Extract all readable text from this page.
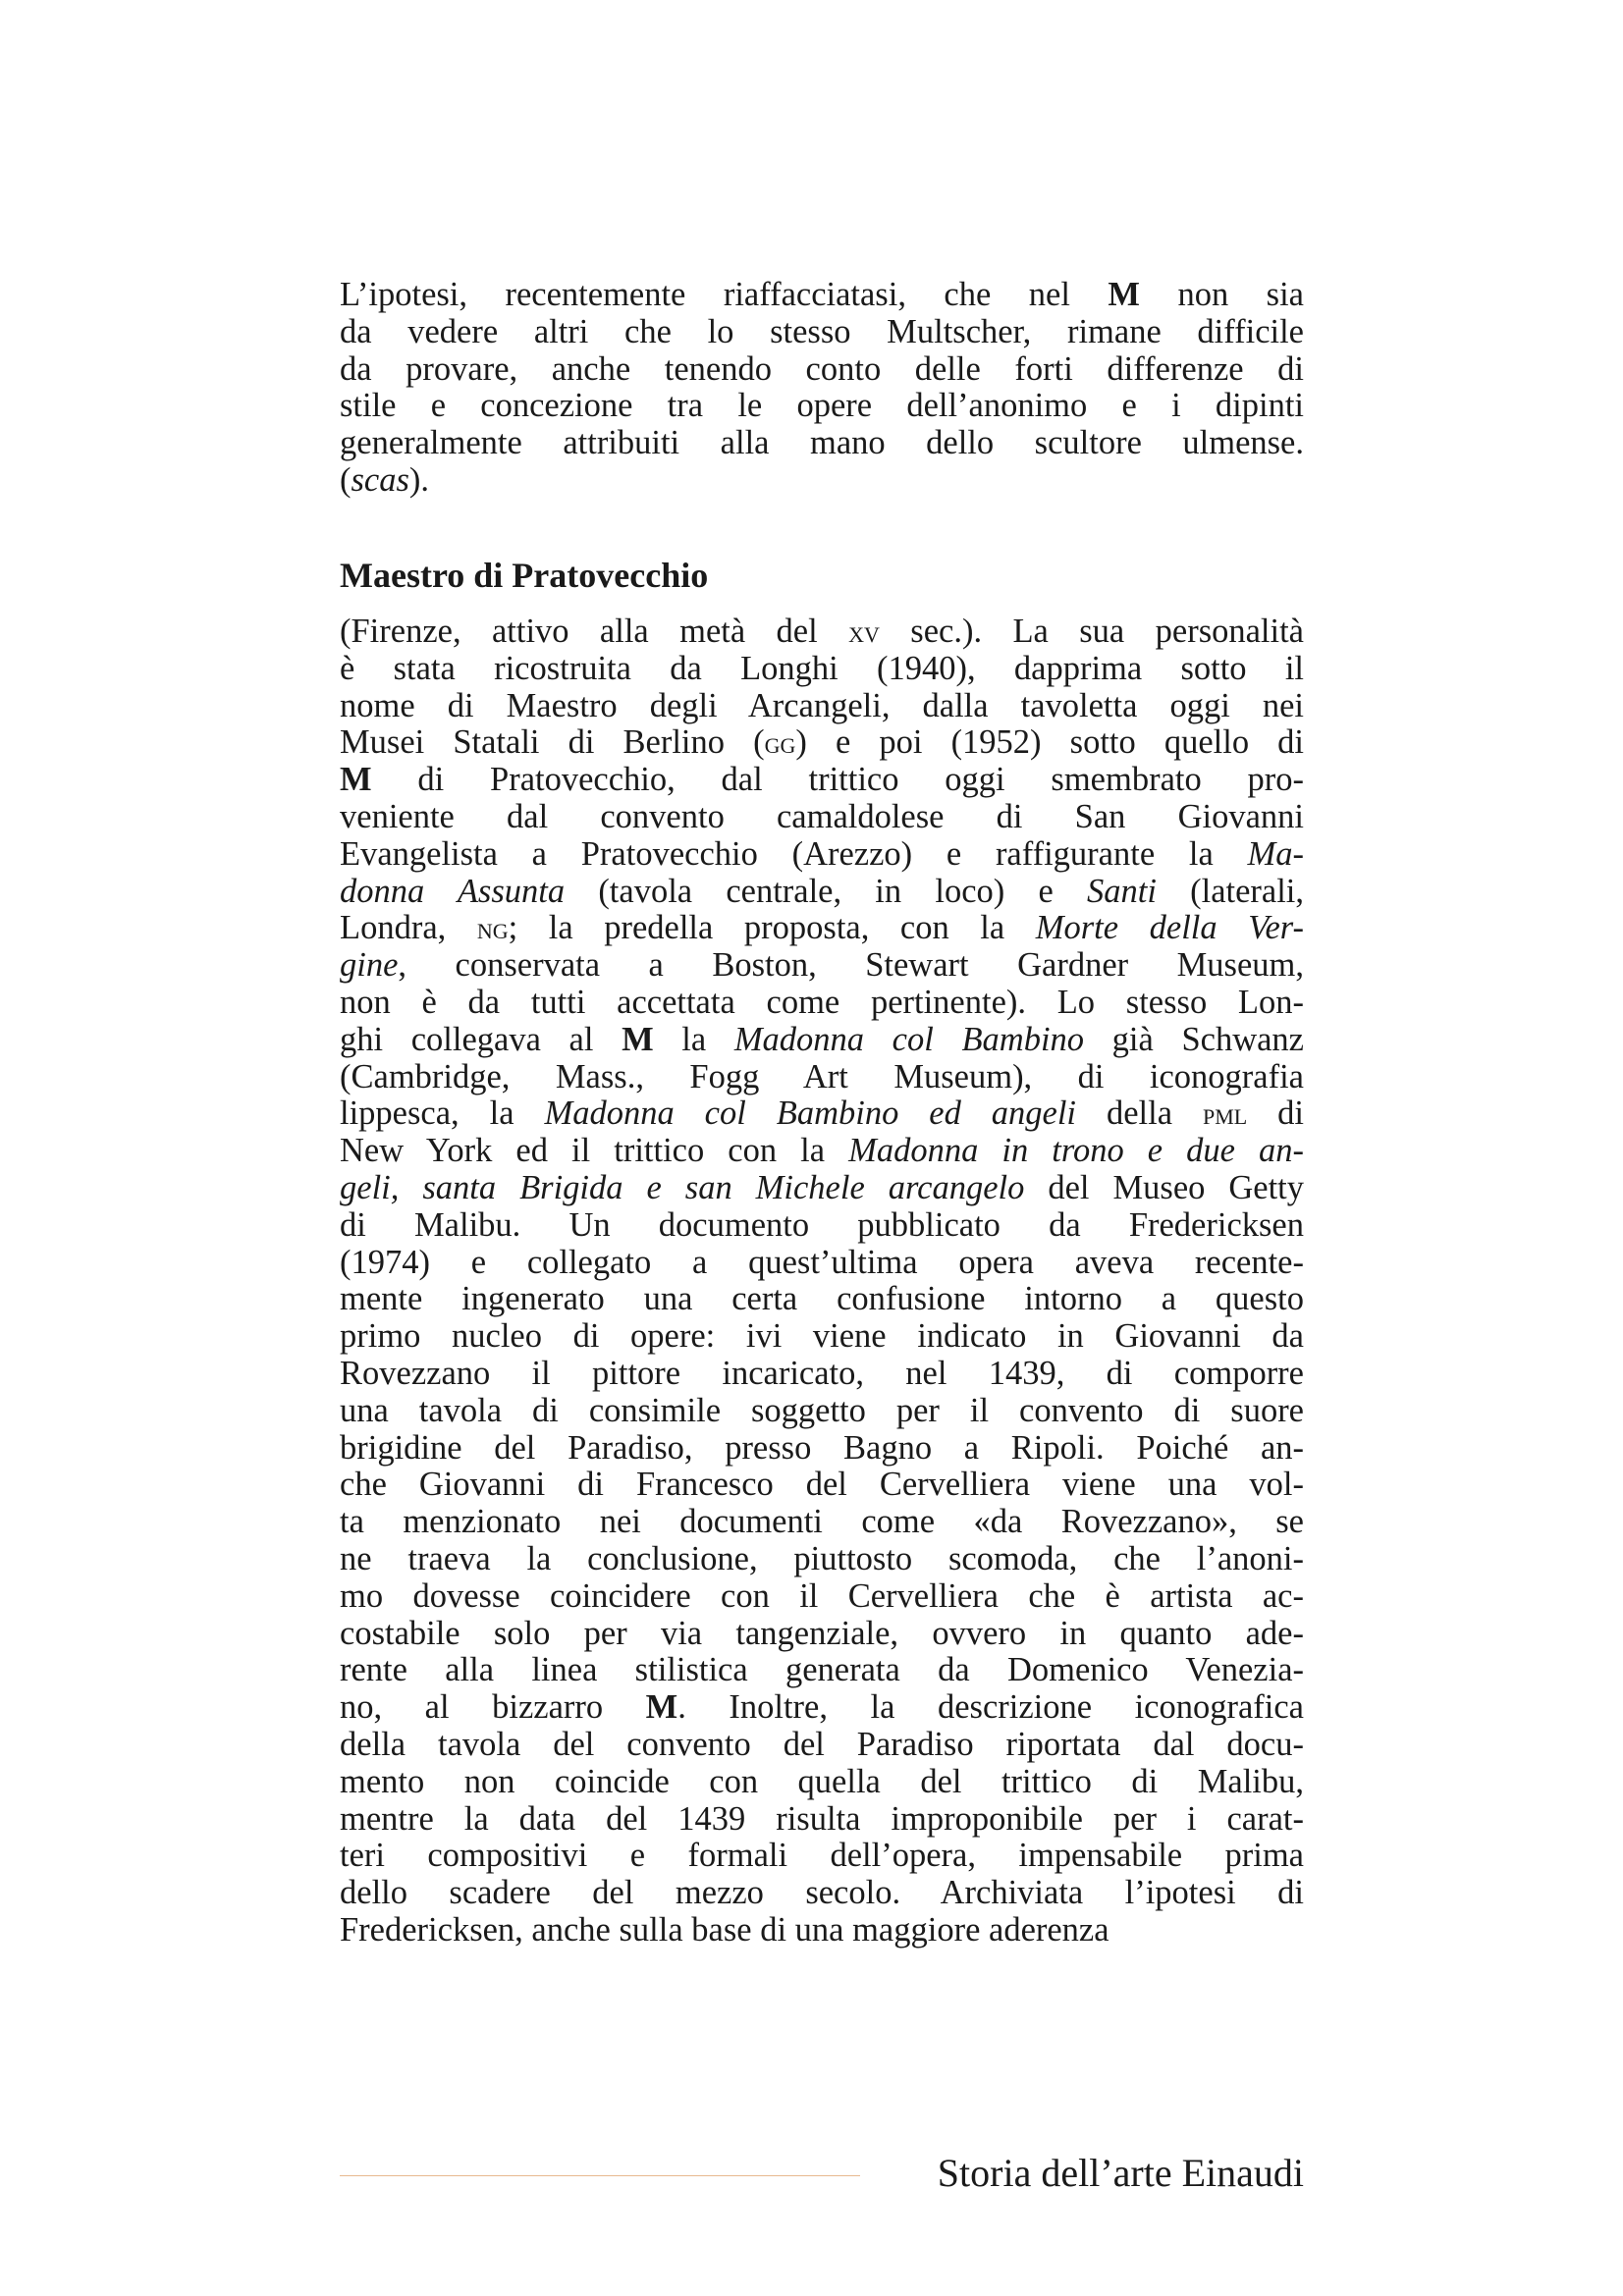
L’ipotesi, recentemente riaffacciatasi, che nel M non sia
da vedere altri che lo stesso Multscher, rimane difficile
da provare, anche tenendo conto delle forti differenze di
stile e concezione tra le opere dell’anonimo e i dipinti
generalmente attribuiti alla mano dello scultore ulmense.
(scas).

Maestro di Pratovecchio

(Firenze, attivo alla metà del xv sec.). La sua personalità
è stata ricostruita da Longhi (1940), dapprima sotto il
nome di Maestro degli Arcangeli, dalla tavoletta oggi nei
Musei Statali di Berlino (gg) e poi (1952) sotto quello di
M di Pratovecchio, dal trittico oggi smembrato pro-
veniente dal convento camaldolese di San Giovanni
Evangelista a Pratovecchio (Arezzo) e raffigurante la Ma-
donna Assunta (tavola centrale, in loco) e Santi (laterali,
Londra, ng; la predella proposta, con la Morte della Ver-
gine, conservata a Boston, Stewart Gardner Museum,
non è da tutti accettata come pertinente). Lo stesso Lon-
ghi collegava al M la Madonna col Bambino già Schwanz
(Cambridge, Mass., Fogg Art Museum), di iconografia
lippesca, la Madonna col Bambino ed angeli della pml di
New York ed il trittico con la Madonna in trono e due an-
geli, santa Brigida e san Michele arcangelo del Museo Getty
di Malibu. Un documento pubblicato da Fredericksen
(1974) e collegato a quest’ultima opera aveva recente-
mente ingenerato una certa confusione intorno a questo
primo nucleo di opere: ivi viene indicato in Giovanni da
Rovezzano il pittore incaricato, nel 1439, di comporre
una tavola di consimile soggetto per il convento di suore
brigidine del Paradiso, presso Bagno a Ripoli. Poiché an-
che Giovanni di Francesco del Cervelliera viene una vol-
ta menzionato nei documenti come «da Rovezzano», se
ne traeva la conclusione, piuttosto scomoda, che l’anoni-
mo dovesse coincidere con il Cervelliera che è artista ac-
costabile solo per via tangenziale, ovvero in quanto ade-
rente alla linea stilistica generata da Domenico Venezia-
no, al bizzarro M. Inoltre, la descrizione iconografica
della tavola del convento del Paradiso riportata dal docu-
mento non coincide con quella del trittico di Malibu,
mentre la data del 1439 risulta improponibile per i carat-
teri compositivi e formali dell’opera, impensabile prima
dello scadere del mezzo secolo. Archiviata l’ipotesi di
Fredericksen, anche sulla base di una maggiore aderenza

Storia dell’arte Einaudi
